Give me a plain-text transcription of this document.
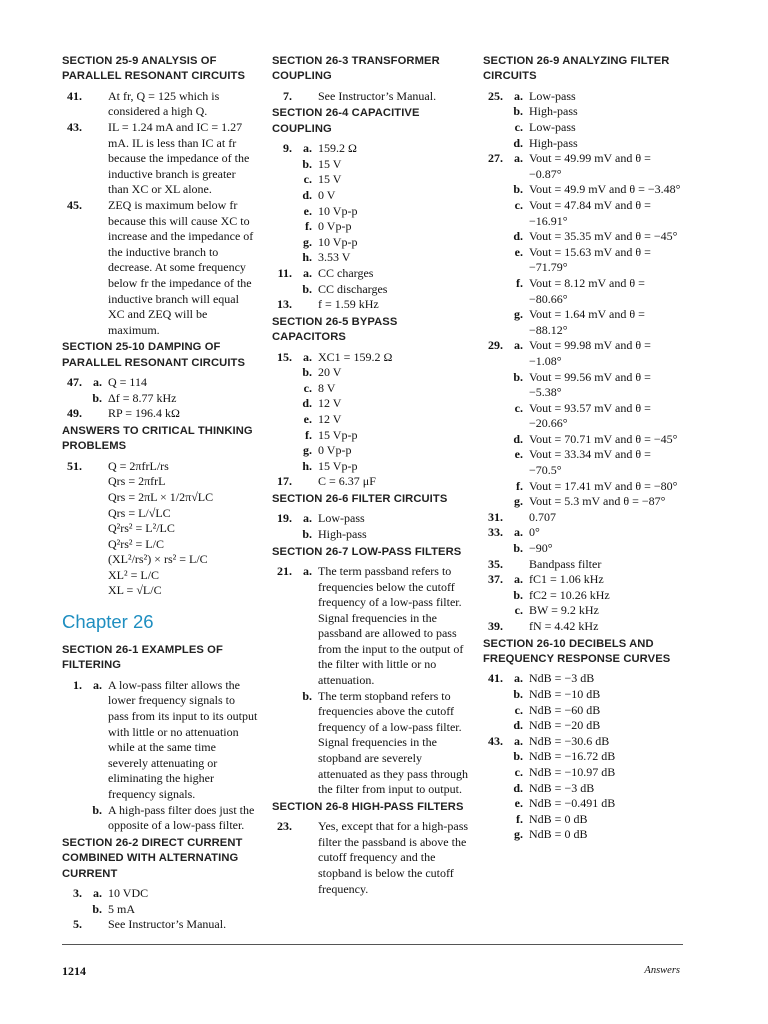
SECTION 25-9 ANALYSIS OF PARALLEL RESONANT CIRCUITS
41.	At fr, Q = 125 which is considered a high Q.
43.	IL = 1.24 mA and IC = 1.27 mA. IL is less than IC at fr because the impedance of the inductive branch is greater than XC or XL alone.
45.	ZEQ is maximum below fr because this will cause XC to increase and the impedance of the inductive branch to decrease. At some frequency below fr the impedance of the inductive branch will equal XC and ZEQ will be maximum.
SECTION 25-10 DAMPING OF PARALLEL RESONANT CIRCUITS
47. a. Q = 114
b. Δf = 8.77 kHz
49.	RP = 196.4 kΩ
ANSWERS TO CRITICAL THINKING PROBLEMS
51.	Q = 2πfrL/rs
Qrs = 2πfrL
Qrs = 2πL × 1/2π√LC
Qrs = L/√LC
Q²rs² = L²/LC
Q²rs² = L/C
(XL²/rs²) × rs² = L/C
XL² = L/C
XL = √L/C
Chapter 26
SECTION 26-1 EXAMPLES OF FILTERING
1. a. A low-pass filter allows the lower frequency signals to pass from its input to its output with little or no attenuation while at the same time severely attenuating or eliminating the higher frequency signals.
b. A high-pass filter does just the opposite of a low-pass filter.
SECTION 26-2 DIRECT CURRENT COMBINED WITH ALTERNATING CURRENT
3. a. 10 VDC
b. 5 mA
5.	See Instructor’s Manual.
SECTION 26-3 TRANSFORMER COUPLING
7.	See Instructor’s Manual.
SECTION 26-4 CAPACITIVE COUPLING
9. a. 159.2 Ω
b. 15 V
c. 15 V
d. 0 V
e. 10 Vp-p
f. 0 Vp-p
g. 10 Vp-p
h. 3.53 V
11. a. CC charges
b. CC discharges
13.	f = 1.59 kHz
SECTION 26-5 BYPASS CAPACITORS
15. a. XC1 = 159.2 Ω
b. 20 V
c. 8 V
d. 12 V
e. 12 V
f. 15 Vp-p
g. 0 Vp-p
h. 15 Vp-p
17.	C = 6.37 μF
SECTION 26-6 FILTER CIRCUITS
19. a. Low-pass
b. High-pass
SECTION 26-7 LOW-PASS FILTERS
21. a. The term passband refers to frequencies below the cutoff frequency of a low-pass filter. Signal frequencies in the passband are allowed to pass from the input to the output of the filter with little or no attenuation.
b. The term stopband refers to frequencies above the cutoff frequency of a low-pass filter. Signal frequencies in the stopband are severely attenuated as they pass through the filter from input to output.
SECTION 26-8 HIGH-PASS FILTERS
23.	Yes, except that for a high-pass filter the passband is above the cutoff frequency and the stopband is below the cutoff frequency.
SECTION 26-9 ANALYZING FILTER CIRCUITS
25. a. Low-pass
b. High-pass
c. Low-pass
d. High-pass
27. a. Vout = 49.99 mV and θ = −0.87°
b. Vout = 49.9 mV and θ = −3.48°
c. Vout = 47.84 mV and θ = −16.91°
d. Vout = 35.35 mV and θ = −45°
e. Vout = 15.63 mV and θ = −71.79°
f. Vout = 8.12 mV and θ = −80.66°
g. Vout = 1.64 mV and θ = −88.12°
29. a. Vout = 99.98 mV and θ = −1.08°
b. Vout = 99.56 mV and θ = −5.38°
c. Vout = 93.57 mV and θ = −20.66°
d. Vout = 70.71 mV and θ = −45°
e. Vout = 33.34 mV and θ = −70.5°
f. Vout = 17.41 mV and θ = −80°
g. Vout = 5.3 mV and θ = −87°
31.	0.707
33. a. 0°
b. −90°
35.	Bandpass filter
37. a. fC1 = 1.06 kHz
b. fC2 = 10.26 kHz
c. BW = 9.2 kHz
39.	fN = 4.42 kHz
SECTION 26-10 DECIBELS AND FREQUENCY RESPONSE CURVES
41. a. NdB = −3 dB
b. NdB = −10 dB
c. NdB = −60 dB
d. NdB = −20 dB
43. a. NdB = −30.6 dB
b. NdB = −16.72 dB
c. NdB = −10.97 dB
d. NdB = −3 dB
e. NdB = −0.491 dB
f. NdB = 0 dB
g. NdB = 0 dB
1214	Answers
